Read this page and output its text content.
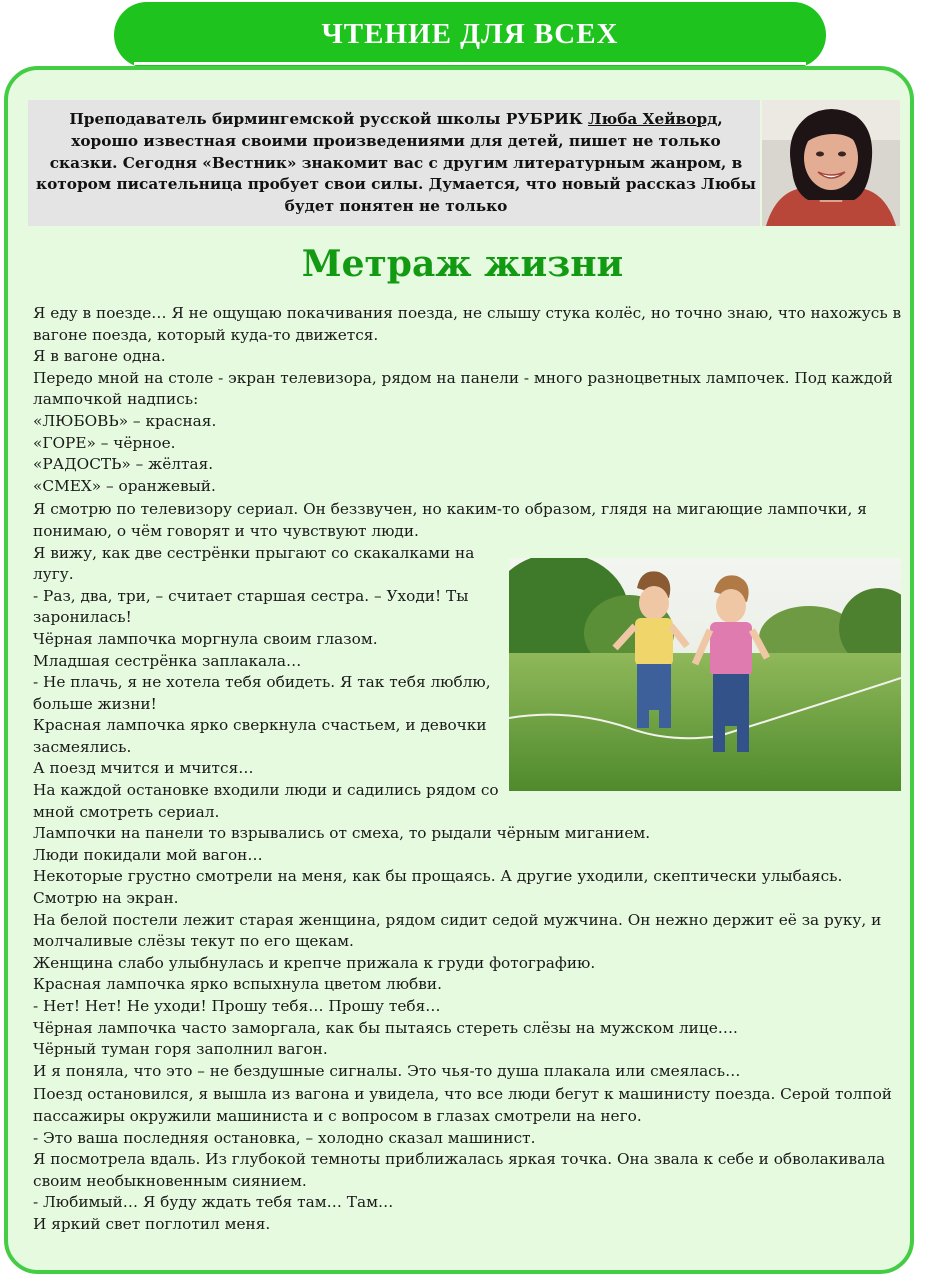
ЧТЕНИЕ ДЛЯ ВСЕХ
Преподаватель бирмингемской русской школы РУБРИК Люба Хейворд, хорошо известная своими произведениями для детей, пишет не только сказки. Сегодня «Вестник» знакомит вас с другим литературным жанром, в котором писательница пробует свои силы. Думается, что новый рассказ Любы будет понятен не только
Метраж жизни

Я еду в поезде… Я не ощущаю покачивания поезда, не слышу стука колёс, но точно знаю, что нахожусь в вагоне поезда, который куда-то движется.

Я в вагоне одна.

Передо мной на столе - экран телевизора, рядом на панели - много разноцветных лампочек. Под каждой лампочкой надпись:

«ЛЮБОВЬ» – красная.

«ГОРЕ» – чёрное.

«РАДОСТЬ» – жёлтая.

«СМЕХ» – оранжевый.

Я смотрю по телевизору сериал. Он беззвучен, но каким-то образом, глядя на мигающие лампочки, я понимаю, о чём говорят и что чувствуют люди.

Я вижу, как две сестрёнки прыгают со скакалками на лугу.

- Раз, два, три, – считает старшая сестра. – Уходи! Ты заронилась!

Чёрная лампочка моргнула своим глазом.

Младшая сестрёнка заплакала…

- Не плачь, я не хотела тебя обидеть. Я так тебя люблю, больше жизни!

Красная лампочка ярко сверкнула счастьем, и девочки засмеялись.

А поезд мчится и мчится…

На каждой остановке входили люди и садились рядом со мной смотреть сериал.

Лампочки на панели то взрывались от смеха, то рыдали чёрным миганием.

Люди покидали мой вагон…

Некоторые грустно смотрели на меня, как бы прощаясь. А другие уходили, скептически улыбаясь.

Смотрю на экран.

На белой постели лежит старая женщина, рядом сидит седой мужчина. Он нежно держит её за руку, и молчаливые слёзы текут по его щекам.

Женщина слабо улыбнулась и крепче прижала к груди фотографию.

Красная лампочка ярко вспыхнула цветом любви.

- Нет! Нет! Не уходи! Прошу тебя… Прошу тебя…

Чёрная лампочка часто заморгала, как бы пытаясь стереть слёзы на мужском лице….

Чёрный туман горя заполнил вагон.

И я поняла, что это – не бездушные сигналы. Это чья-то душа плакала или смеялась…

Поезд остановился, я вышла из вагона и увидела, что все люди бегут к машинисту поезда. Серой толпой пассажиры окружили машиниста и с вопросом в глазах смотрели на него.

- Это ваша последняя остановка, – холодно сказал машинист.

Я посмотрела вдаль. Из глубокой темноты приближалась яркая точка. Она звала к себе и обволакивала своим необыкновенным сиянием.

- Любимый… Я буду ждать тебя там… Там…

И яркий свет поглотил меня.
